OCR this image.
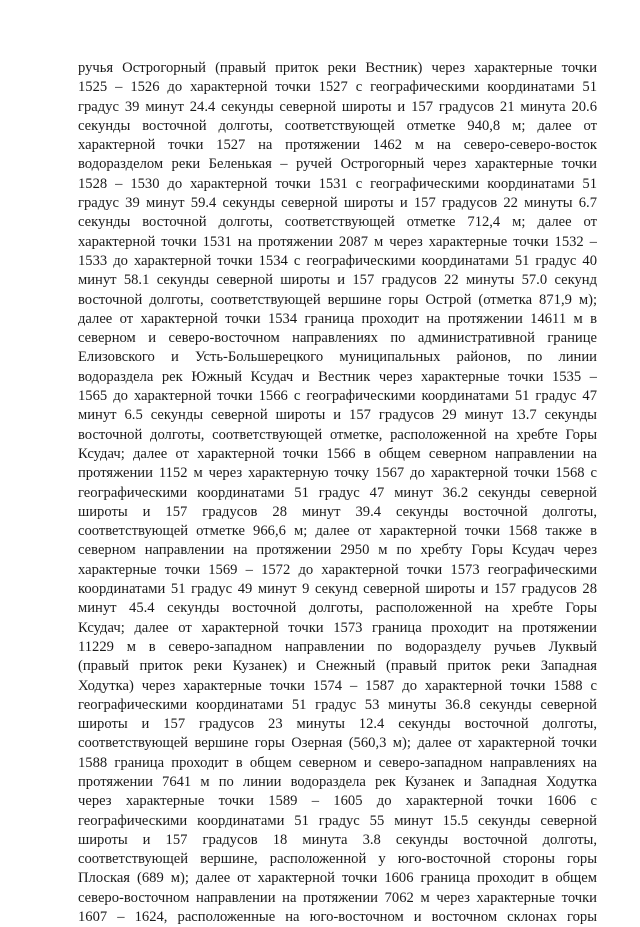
ручья Острогорный (правый приток реки Вестник) через характерные точки
1525 – 1526 до характерной точки 1527 с географическими координатами 51
градус 39 минут 24.4 секунды северной широты и 157 градусов 21 минута 20.6
секунды восточной долготы, соответствующей отметке 940,8 м; далее от
характерной точки 1527 на протяжении 1462 м на северо-северо-восток
водоразделом реки Беленькая – ручей Острогорный через характерные точки
1528 – 1530 до характерной точки 1531 с географическими координатами 51
градус 39 минут 59.4 секунды северной широты и 157 градусов 22 минуты 6.7
секунды восточной долготы, соответствующей отметке 712,4 м; далее от
характерной точки 1531 на протяжении 2087 м через характерные точки 1532 –
1533 до характерной точки 1534 с географическими координатами 51 градус 40
минут 58.1 секунды северной широты и 157 градусов 22 минуты 57.0 секунд
восточной долготы, соответствующей вершине горы Острой (отметка 871,9 м);
далее от характерной точки 1534 граница проходит на протяжении 14611 м в
северном и северо-восточном направлениях по административной границе
Елизовского и Усть-Большерецкого муниципальных районов, по линии
водораздела рек Южный Ксудач и Вестник через характерные точки 1535 –
1565 до характерной точки 1566 с географическими координатами 51 градус 47
минут 6.5 секунды северной широты и 157 градусов 29 минут 13.7 секунды
восточной долготы, соответствующей отметке, расположенной на хребте Горы
Ксудач; далее от характерной точки 1566 в общем северном направлении на
протяжении 1152 м через характерную точку 1567 до характерной точки 1568 с
географическими координатами 51 градус 47 минут 36.2 секунды северной
широты и 157 градусов 28 минут 39.4 секунды восточной долготы,
соответствующей отметке 966,6 м; далее от характерной точки 1568 также в
северном направлении на протяжении 2950 м по хребту Горы Ксудач через
характерные точки 1569 – 1572 до характерной точки 1573 географическими
координатами 51 градус 49 минут 9 секунд северной широты и 157 градусов 28
минут 45.4 секунды восточной долготы, расположенной на хребте Горы
Ксудач; далее от характерной точки 1573 граница проходит на протяжении
11229 м в северо-западном направлении по водоразделу ручьев Луквый
(правый приток реки Кузанек) и Снежный (правый приток реки Западная
Ходутка) через характерные точки 1574 – 1587 до характерной точки 1588 с
географическими координатами 51 градус 53 минуты 36.8 секунды северной
широты и 157 градусов 23 минуты 12.4 секунды восточной долготы,
соответствующей вершине горы Озерная (560,3 м); далее от характерной точки
1588 граница проходит в общем северном и северо-западном направлениях на
протяжении 7641 м по линии водораздела рек Кузанек и Западная Ходутка
через характерные точки 1589 – 1605 до характерной точки 1606 с
географическими координатами 51 градус 55 минут 15.5 секунды северной
широты и 157 градусов 18 минута 3.8 секунды восточной долготы,
соответствующей вершине, расположенной у юго-восточной стороны горы
Плоская (689 м); далее от характерной точки 1606 граница проходит в общем
северо-восточном направлении на протяжении 7062 м через характерные точки
1607 – 1624, расположенные на юго-восточном и восточном склонах горы
